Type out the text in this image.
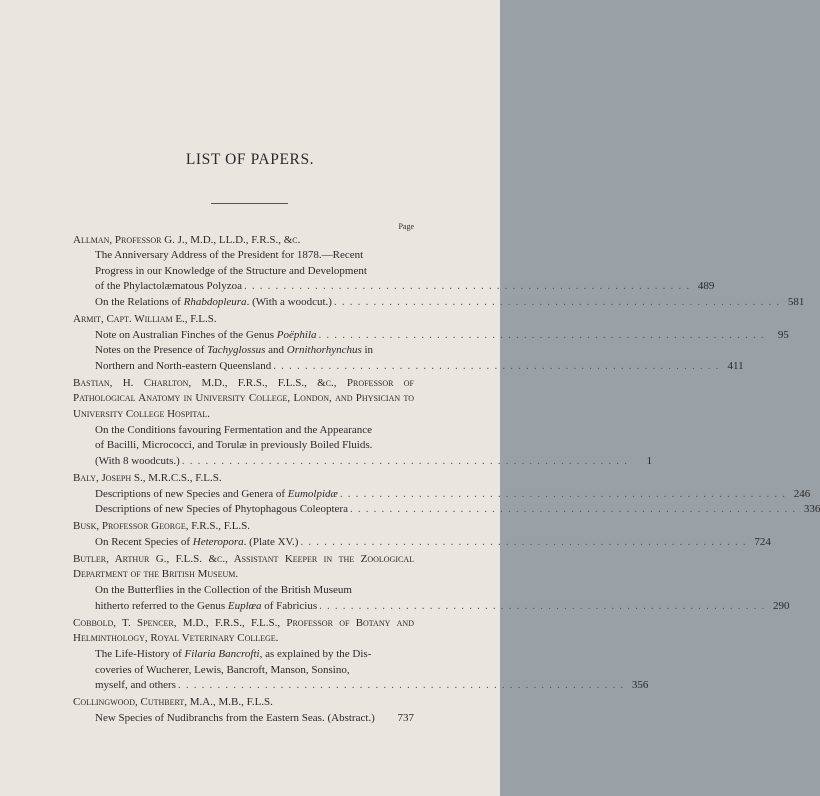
LIST OF PAPERS.
Page
Allman, Professor G. J., M.D., LL.D., F.R.S., &c.
The Anniversary Address of the President for 1878.—Recent
Progress in our Knowledge of the Structure and Development
of the Phylactolæmatous Polyzoa . . . . . . . . . . . . . . . . . . . . . . . . . . . . . . . . . . . . . . . . . . . . . . . . . . . . . . . . . 489
On the Relations of Rhabdopleura. (With a woodcut.) . . . . . . . . . . . . . . . . . . . . . . . . . . . . . . . . . . . . . . . . . . . . . . . . . . . . . . . . . 581
Armit, Capt. William E., F.L.S.
Note on Australian Finches of the Genus Poëphila . . . . . . . . . . . . . . . . . . . . . . . . . . . . . . . . . . . . . . . . . . . . . . . . . . . . . . . . .	95
Notes on the Presence of Tachyglossus and Ornithorhynchus in
Northern and North-eastern Queensland . . . . . . . . . . . . . . . . . . . . . . . . . . . . . . . . . . . . . . . . . . . . . . . . . . . . . . . . . 411
Bastian, H. Charlton, M.D., F.R.S., F.L.S., &c., Professor of Pathological Anatomy in University College, London, and Physician to University College Hospital.
On the Conditions favouring Fermentation and the Appearance
of Bacilli, Micrococci, and Torulæ in previously Boiled Fluids.
(With 8 woodcuts.) . . . . . . . . . . . . . . . . . . . . . . . . . . . . . . . . . . . . . . . . . . . . . . . . . . . . . . . . .	1
Baly, Joseph S., M.R.C.S., F.L.S.
Descriptions of new Species and Genera of Eumolpidæ . . . . . . . . . . . . . . . . . . . . . . . . . . . . . . . . . . . . . . . . . . . . . . . . . . . . . . . . . 246
Descriptions of new Species of Phytophagous Coleoptera . . . . . . . . . . . . . . . . . . . . . . . . . . . . . . . . . . . . . . . . . . . . . . . . . . . . . . . . . 336
Busk, Professor George, F.R.S., F.L.S.
On Recent Species of Heteropora. (Plate XV.) . . . . . . . . . . . . . . . . . . . . . . . . . . . . . . . . . . . . . . . . . . . . . . . . . . . . . . . . . 724
Butler, Arthur G., F.L.S. &c., Assistant Keeper in the Zoological Department of the British Museum.
On the Butterflies in the Collection of the British Museum
hitherto referred to the Genus Euplœa of Fabricius . . . . . . . . . . . . . . . . . . . . . . . . . . . . . . . . . . . . . . . . . . . . . . . . . . . . . . . . . 290
Cobbold, T. Spencer, M.D., F.R.S., F.L.S., Professor of Botany and Helminthology, Royal Veterinary College.
The Life-History of Filaria Bancrofti, as explained by the Dis-
coveries of Wucherer, Lewis, Bancroft, Manson, Sonsino,
myself, and others . . . . . . . . . . . . . . . . . . . . . . . . . . . . . . . . . . . . . . . . . . . . . . . . . . . . . . . . . 356
Collingwood, Cuthbert, M.A., M.B., F.L.S.
New Species of Nudibranchs from the Eastern Seas. (Abstract.)	737
